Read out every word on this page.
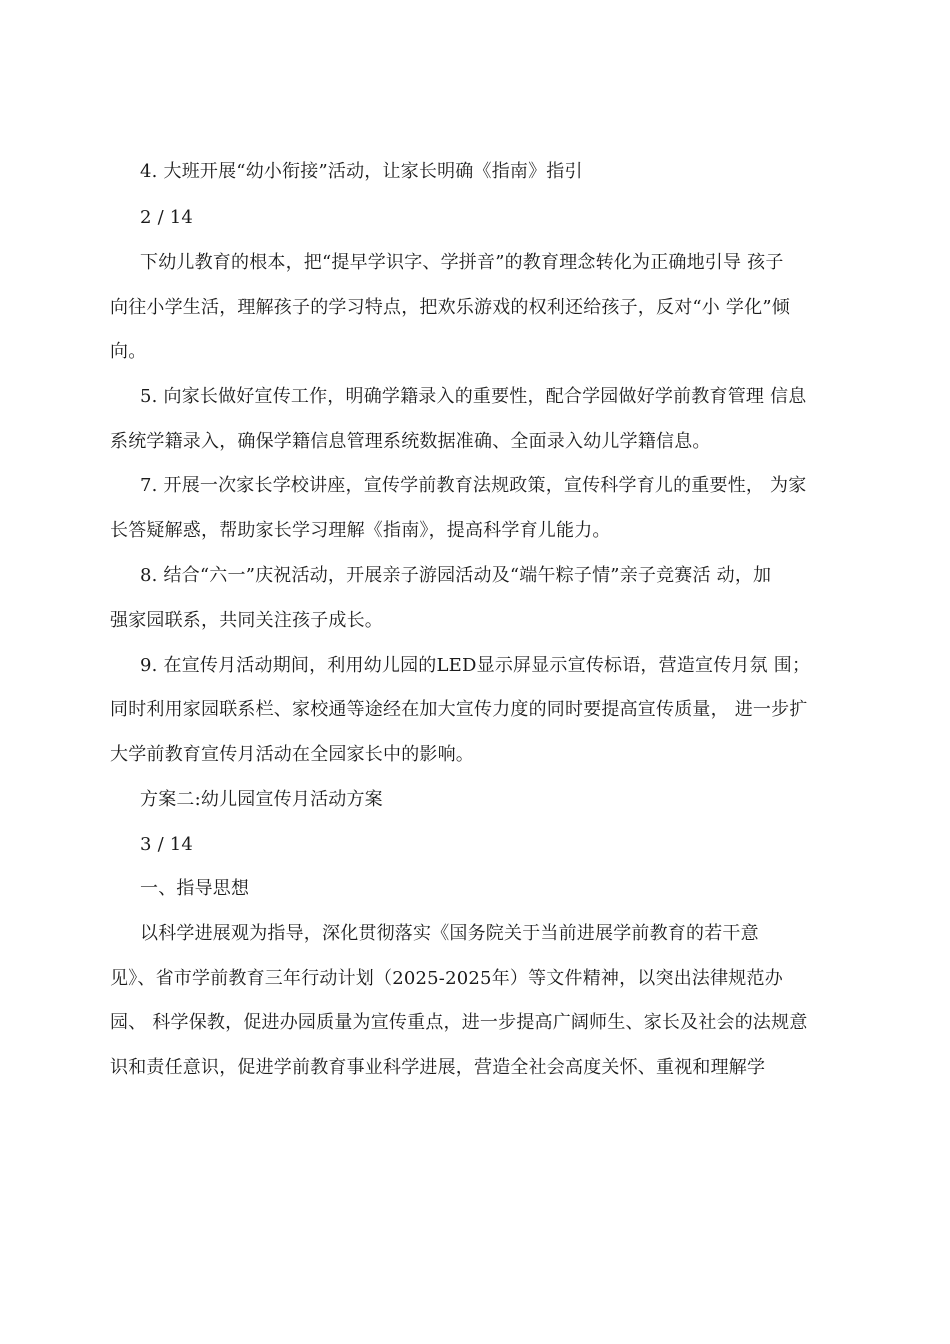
4. 大班开展“幼小衔接”活动，让家长明确《指南》指引
2 / 14
下幼儿教育的根本，把“提早学识字、学拼音”的教育理念转化为正确地引导 孩子
向往小学生活，理解孩子的学习特点，把欢乐游戏的权利还给孩子，反对“小 学化”倾
向。
5. 向家长做好宣传工作，明确学籍录入的重要性，配合学园做好学前教育管理 信息
系统学籍录入，确保学籍信息管理系统数据准确、全面录入幼儿学籍信息。
7. 开展一次家长学校讲座，宣传学前教育法规政策，宣传科学育儿的重要性， 为家
长答疑解惑，帮助家长学习理解《指南》，提高科学育儿能力。
8. 结合“六一”庆祝活动，开展亲子游园活动及“端午粽子情”亲子竞赛活 动，加
强家园联系，共同关注孩子成长。
9. 在宣传月活动期间，利用幼儿园的LED显示屏显示宣传标语，营造宣传月氛 围；
同时利用家园联系栏、家校通等途经在加大宣传力度的同时要提高宣传质量， 进一步扩
大学前教育宣传月活动在全园家长中的影响。
方案二:幼儿园宣传月活动方案
3 / 14
一、指导思想
以科学进展观为指导，深化贯彻落实《国务院关于当前进展学前教育的若干意
见》、省市学前教育三年行动计划（2025-2025年）等文件精神，以突出法律规范办
园、 科学保教，促进办园质量为宣传重点，进一步提高广阔师生、家长及社会的法规意
识和责任意识，促进学前教育事业科学进展，营造全社会高度关怀、重视和理解学
